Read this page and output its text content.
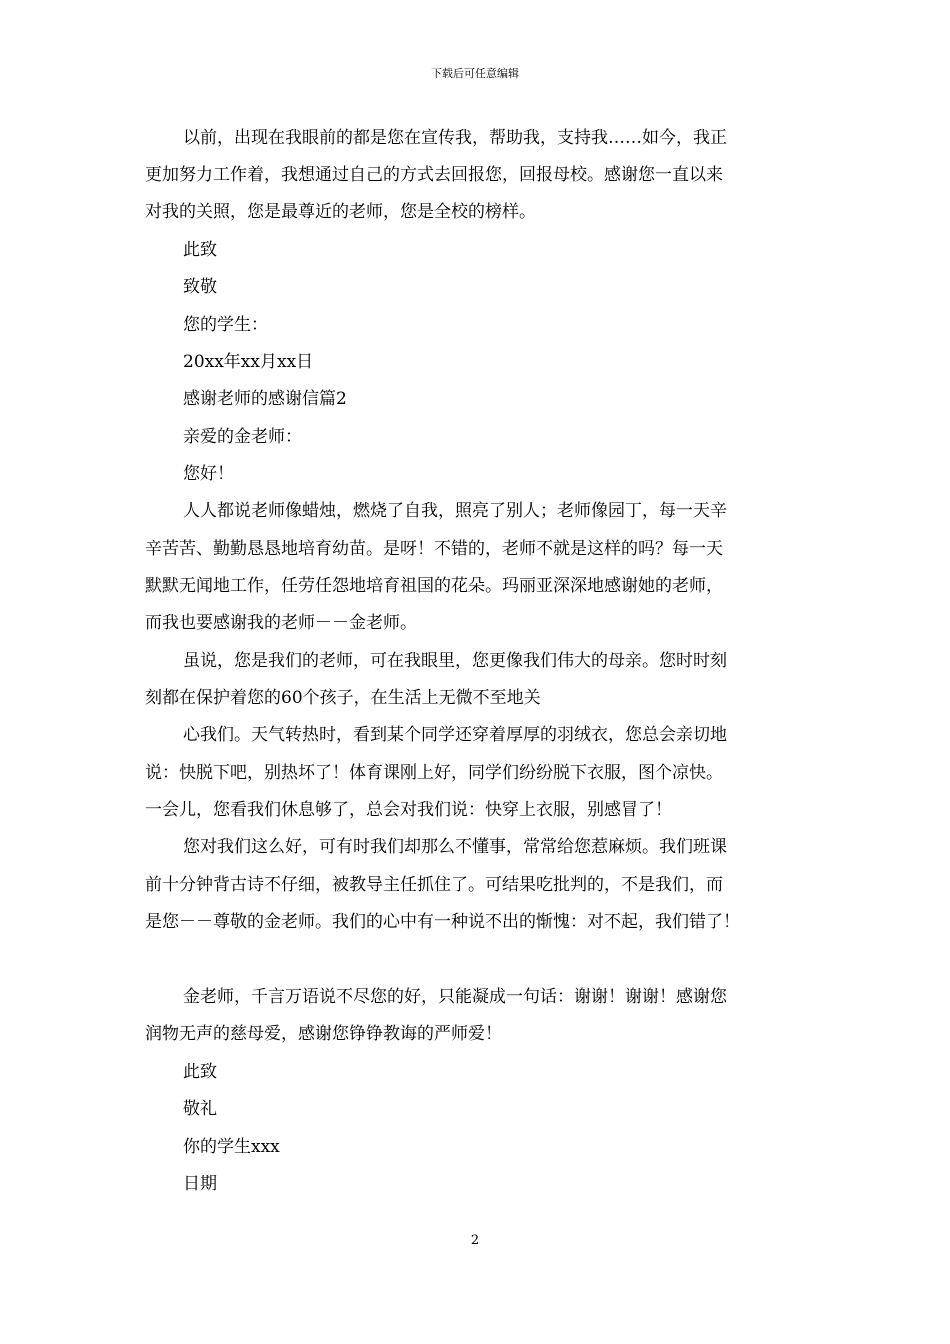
下载后可任意编辑
以前，出现在我眼前的都是您在宣传我，帮助我，支持我……如今，我正
更加努力工作着，我想通过自己的方式去回报您，回报母校。感谢您一直以来
对我的关照，您是最尊近的老师，您是全校的榜样。
此致
致敬
您的学生：
20xx年xx月xx日
感谢老师的感谢信篇2
亲爱的金老师：
您好！
人人都说老师像蜡烛，燃烧了自我，照亮了别人；老师像园丁，每一天辛
辛苦苦、勤勤恳恳地培育幼苗。是呀！不错的，老师不就是这样的吗？每一天
默默无闻地工作，任劳任怨地培育祖国的花朵。玛丽亚深深地感谢她的老师，
而我也要感谢我的老师－－金老师。
虽说，您是我们的老师，可在我眼里，您更像我们伟大的母亲。您时时刻
刻都在保护着您的60个孩子，在生活上无微不至地关
心我们。天气转热时，看到某个同学还穿着厚厚的羽绒衣，您总会亲切地
说：快脱下吧，别热坏了！体育课刚上好，同学们纷纷脱下衣服，图个凉快。
一会儿，您看我们休息够了，总会对我们说：快穿上衣服，别感冒了！
您对我们这么好，可有时我们却那么不懂事，常常给您惹麻烦。我们班课
前十分钟背古诗不仔细，被教导主任抓住了。可结果吃批判的，不是我们，而
是您－－尊敬的金老师。我们的心中有一种说不出的惭愧：对不起，我们错了！
金老师，千言万语说不尽您的好，只能凝成一句话：谢谢！谢谢！感谢您
润物无声的慈母爱，感谢您铮铮教诲的严师爱！
此致
敬礼
你的学生xxx
日期
2
